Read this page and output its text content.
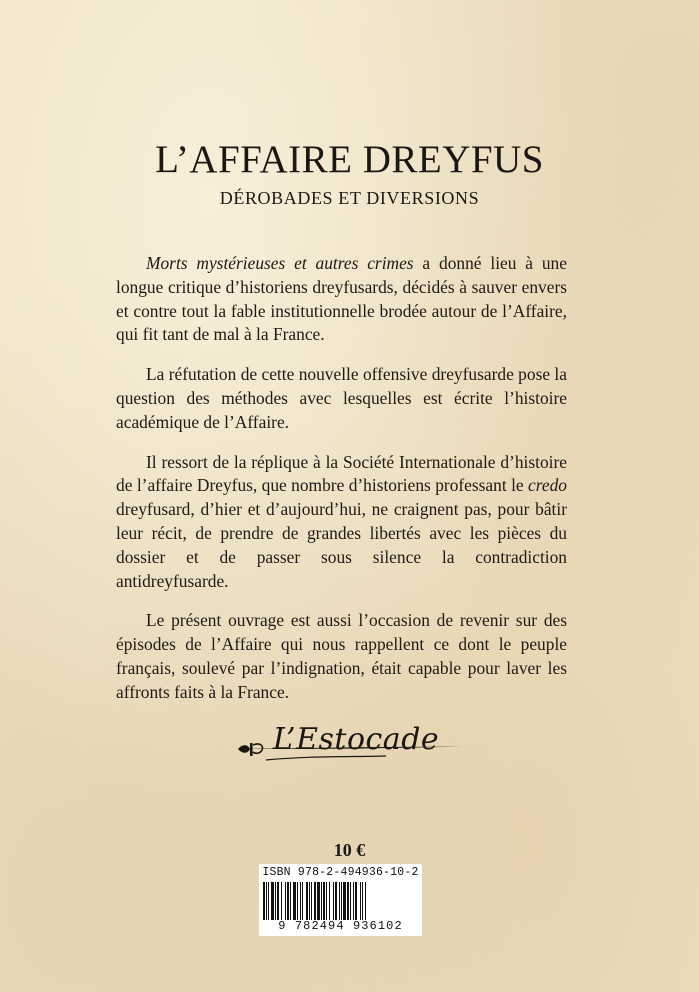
L’AFFAIRE DREYFUS
DÉROBADES ET DIVERSIONS

Morts mystérieuses et autres crimes a donné lieu à une longue critique d’historiens dreyfusards, décidés à sauver envers et contre tout la fable institutionnelle brodée autour de l’Affaire, qui fit tant de mal à la France.

La réfutation de cette nouvelle offensive dreyfusarde pose la question des méthodes avec lesquelles est écrite l’histoire académique de l’Affaire.

Il ressort de la réplique à la Société Internationale d’histoire de l’affaire Dreyfus, que nombre d’historiens professant le credo dreyfusard, d’hier et d’aujourd’hui, ne craignent pas, pour bâtir leur récit, de prendre de grandes libertés avec les pièces du dossier et de passer sous silence la contradiction antidreyfusarde.

Le présent ouvrage est aussi l’occasion de revenir sur des épisodes de l’Affaire qui nous rappellent ce dont le peuple français, soulevé par l’indignation, était capable pour laver les affronts faits à la France.

L’Estocade
10 €
ISBN 978-2-494936-10-2
9 782494 936102
